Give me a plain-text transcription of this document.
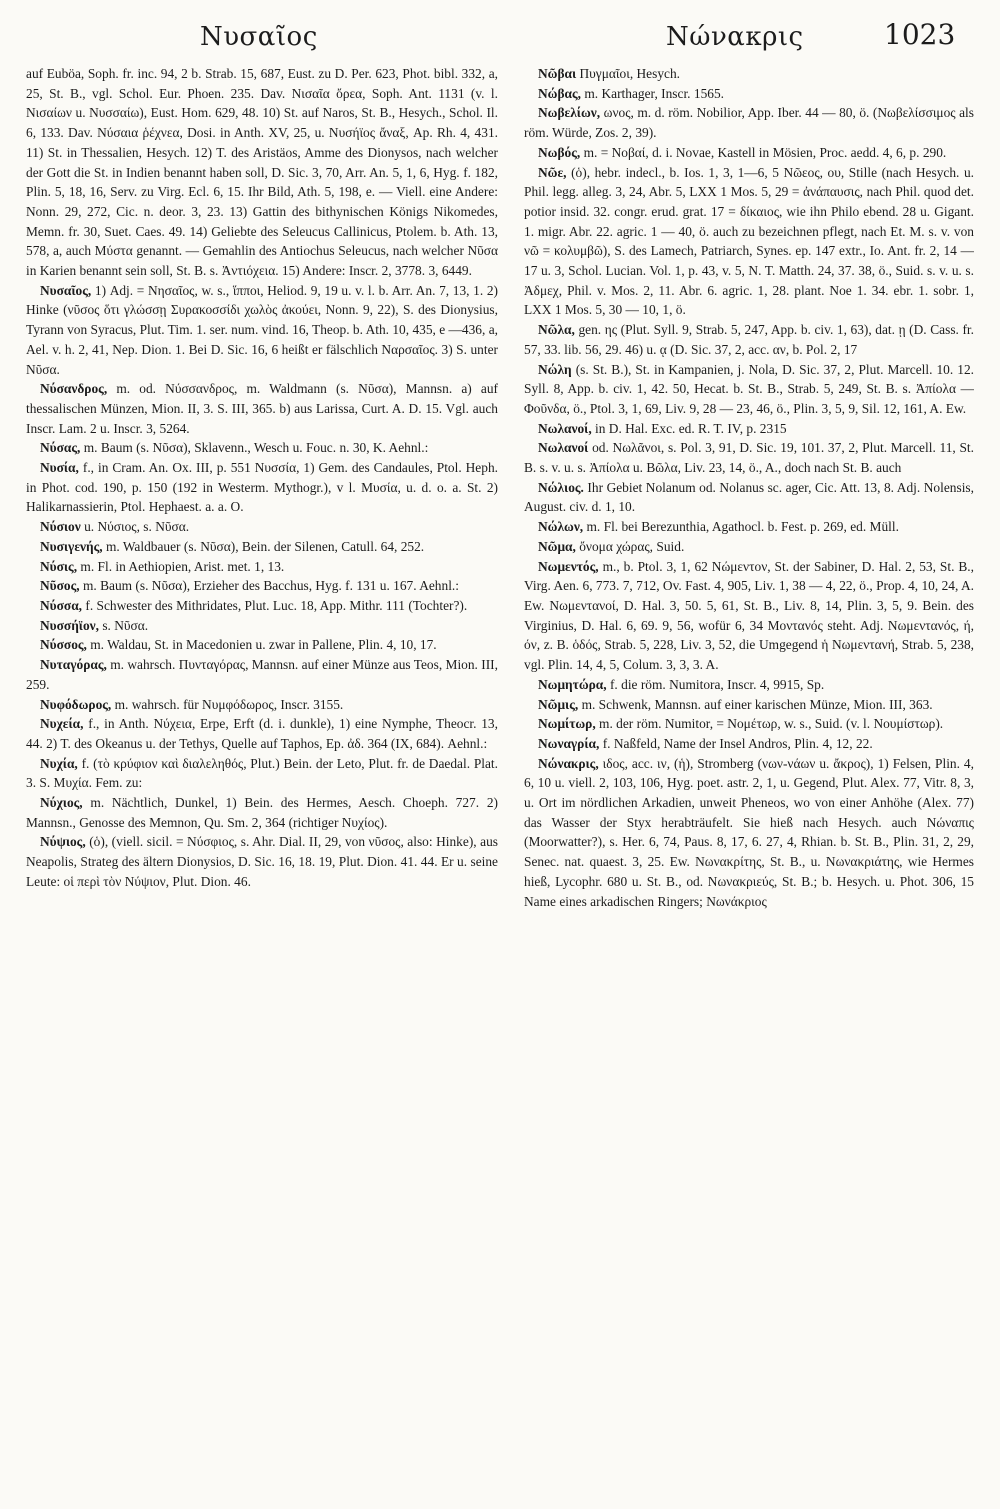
Νυσαῖος	Νώνακρις	1023

auf Euböa, Soph. fr. inc. 94, 2 b. Strab. 15, 687, Eust. zu D. Per. 623, Phot. bibl. 332, a, 25, St. B., vgl. Schol. Eur. Phoen. 235. Dav. Νισαῖα ὄρεα, Soph. Ant. 1131 (v. l. Νισαίων u. Νυσσαίω), Eust. Hom. 629, 48. 10) St. auf Naros, St. B., Hesych., Schol. Il. 6, 133. Dav. Νύσαια ῥέχνεα, Dosi. in Anth. XV, 25, u. Νυσήϊος ἄναξ, Ap. Rh. 4, 431. 11) St. in Thessalien, Hesych. 12) T. des Aristäos, Amme des Dionysos, nach welcher der Gott die St. in Indien benannt haben soll, D. Sic. 3, 70, Arr. An. 5, 1, 6, Hyg. f. 182, Plin. 5, 18, 16, Serv. zu Virg. Ecl. 6, 15. Ihr Bild, Ath. 5, 198, e. — Viell. eine Andere: Nonn. 29, 272, Cic. n. deor. 3, 23. 13) Gattin des bithynischen Königs Nikomedes, Memn. fr. 30, Suet. Caes. 49. 14) Geliebte des Seleucus Callinicus, Ptolem. b. Ath. 13, 578, a, auch Μύστα genannt. — Gemahlin des Antiochus Seleucus, nach welcher Νῦσα in Karien benannt sein soll, St. B. s. Ἀντιόχεια. 15) Andere: Inscr. 2, 3778. 3, 6449.

Νυσαῖος, 1) Adj. = Νησαῖος, w. s., ἵπποι, Heliod. 9, 19 u. v. l. b. Arr. An. 7, 13, 1. 2) Hinke (νῦσος ὅτι γλώσσῃ Συρακοσσίδι χωλὸς ἀκούει, Nonn. 9, 22), S. des Dionysius, Tyrann von Syracus, Plut. Tim. 1. ser. num. vind. 16, Theop. b. Ath. 10, 435, e —436, a, Ael. v. h. 2, 41, Nep. Dion. 1. Bei D. Sic. 16, 6 heißt er fälschlich Ναρσαῖος. 3) S. unter Νῦσα.

Νύσανδρος, m. od. Νύσσανδρος, m. Waldmann (s. Νῦσα), Mannsn. a) auf thessalischen Münzen, Mion. II, 3. S. III, 365. b) aus Larissa, Curt. A. D. 15. Vgl. auch Inscr. Lam. 2 u. Inscr. 3, 5264.

Νύσας, m. Baum (s. Νῦσα), Sklavenn., Wesch u. Fouc. n. 30, K. Aehnl.:

Νυσία, f., in Cram. An. Ox. III, p. 551 Νυσσία, 1) Gem. des Candaules, Ptol. Heph. in Phot. cod. 190, p. 150 (192 in Westerm. Mythogr.), v l. Μυσία, u. d. o. a. St. 2) Halikarnassierin, Ptol. Hephaest. a. a. O.

Νύσιον u. Νύσιος, s. Νῦσα.

Νυσιγενής, m. Waldbauer (s. Νῦσα), Bein. der Silenen, Catull. 64, 252.

Νύσις, m. Fl. in Aethiopien, Arist. met. 1, 13.

Νῦσος, m. Baum (s. Νῦσα), Erzieher des Bacchus, Hyg. f. 131 u. 167. Aehnl.:

Νύσσα, f. Schwester des Mithridates, Plut. Luc. 18, App. Mithr. 111 (Tochter?).

Νυσσήϊον, s. Νῦσα.

Νύσσος, m. Waldau, St. in Macedonien u. zwar in Pallene, Plin. 4, 10, 17.

Νυταγόρας, m. wahrsch. Πυνταγόρας, Mannsn. auf einer Münze aus Teos, Mion. III, 259.

Νυφόδωρος, m. wahrsch. für Νυμφόδωρος, Inscr. 3155.

Νυχεία, f., in Anth. Νύχεια, Erpe, Erft (d. i. dunkle), 1) eine Nymphe, Theocr. 13, 44. 2) T. des Okeanus u. der Tethys, Quelle auf Taphos, Ep. ἀδ. 364 (IX, 684). Aehnl.:

Νυχία, f. (τὸ κρύφιον καὶ διαλεληθός, Plut.) Bein. der Leto, Plut. fr. de Daedal. Plat. 3. S. Μυχία. Fem. zu:

Νύχιος, m. Nächtlich, Dunkel, 1) Bein. des Hermes, Aesch. Choeph. 727. 2) Mannsn., Genosse des Memnon, Qu. Sm. 2, 364 (richtiger Νυχίος).

Νύψιος, (ὁ), (viell. sicil. = Νύσφιος, s. Ahr. Dial. II, 29, von νῦσος, also: Hinke), aus Neapolis, Strateg des ältern Dionysios, D. Sic. 16, 18. 19, Plut. Dion. 41. 44. Er u. seine Leute: οἱ περὶ τὸν Νύψιον, Plut. Dion. 46.

Νῶβαι Πυγμαῖοι, Hesych.

Νώβας, m. Karthager, Inscr. 1565.

Νωβελίων, ωνος, m. d. röm. Nobilior, App. Iber. 44 — 80, ö. (Νωβελίσσιμος als röm. Würde, Zos. 2, 39).

Νωβός, m. = Νοβαί, d. i. Novae, Kastell in Mösien, Proc. aedd. 4, 6, p. 290.

Νῶε, (ὁ), hebr. indecl., b. Ios. 1, 3, 1—6, 5 Νῶεος, ου, Stille (nach Hesych. u. Phil. legg. alleg. 3, 24, Abr. 5, LXX 1 Mos. 5, 29 = ἀνάπαυσις, nach Phil. quod det. potior insid. 32. congr. erud. grat. 17 = δίκαιος, wie ihn Philo ebend. 28 u. Gigant. 1. migr. Abr. 22. agric. 1 — 40, ö. auch zu bezeichnen pflegt, nach Et. M. s. v. von νῶ = κολυμβῶ), S. des Lamech, Patriarch, Synes. ep. 147 extr., Io. Ant. fr. 2, 14 — 17 u. 3, Schol. Lucian. Vol. 1, p. 43, v. 5, N. T. Matth. 24, 37. 38, ö., Suid. s. v. u. s. Ἀδμεχ, Phil. v. Mos. 2, 11. Abr. 6. agric. 1, 28. plant. Noe 1. 34. ebr. 1. sobr. 1, LXX 1 Mos. 5, 30 — 10, 1, ö.

Νῶλα, gen. ης (Plut. Syll. 9, Strab. 5, 247, App. b. civ. 1, 63), dat. ῃ (D. Cass. fr. 57, 33. lib. 56, 29. 46) u. ᾳ (D. Sic. 37, 2, acc. αν, b. Pol. 2, 17

Νώλη (s. St. B.), St. in Kampanien, j. Nola, D. Sic. 37, 2, Plut. Marcell. 10. 12. Syll. 8, App. b. civ. 1, 42. 50, Hecat. b. St. B., Strab. 5, 249, St. B. s. Ἀπίολα — Φοῦνδα, ö., Ptol. 3, 1, 69, Liv. 9, 28 — 23, 46, ö., Plin. 3, 5, 9, Sil. 12, 161, A. Ew.

Νωλανοί, in D. Hal. Exc. ed. R. T. IV, p. 2315

Νωλανοί od. Νωλᾶνοι, s. Pol. 3, 91, D. Sic. 19, 101. 37, 2, Plut. Marcell. 11, St. B. s. v. u. s. Ἀπίολα u. Βῶλα, Liv. 23, 14, ö., A., doch nach St. B. auch

Νώλιος. Ihr Gebiet Nolanum od. Nolanus sc. ager, Cic. Att. 13, 8. Adj. Nolensis, August. civ. d. 1, 10.

Νώλων, m. Fl. bei Berezunthia, Agathocl. b. Fest. p. 269, ed. Müll.

Νῶμα, ὄνομα χώρας, Suid.

Νωμεντός, m., b. Ptol. 3, 1, 62 Νώμεντον, St. der Sabiner, D. Hal. 2, 53, St. B., Virg. Aen. 6, 773. 7, 712, Ov. Fast. 4, 905, Liv. 1, 38 — 4, 22, ö., Prop. 4, 10, 24, A. Ew. Νωμεντανοί, D. Hal. 3, 50. 5, 61, St. B., Liv. 8, 14, Plin. 3, 5, 9. Bein. des Virginius, D. Hal. 6, 69. 9, 56, wofür 6, 34 Μοντανός steht. Adj. Νωμεντανός, ή, όν, z. B. ὁδός, Strab. 5, 228, Liv. 3, 52, die Umgegend ἡ Νωμεντανή, Strab. 5, 238, vgl. Plin. 14, 4, 5, Colum. 3, 3, 3. A.

Νωμητώρα, f. die röm. Numitora, Inscr. 4, 9915, Sp.

Νῶμις, m. Schwenk, Mannsn. auf einer karischen Münze, Mion. III, 363.

Νωμίτωρ, m. der röm. Numitor, = Νομέτωρ, w. s., Suid. (v. l. Νουμίστωρ).

Νωναγρία, f. Naßfeld, Name der Insel Andros, Plin. 4, 12, 22.

Νώνακρις, ιδος, acc. ιν, (ἡ), Stromberg (νων-νάων u. ἄκρος), 1) Felsen, Plin. 4, 6, 10 u. viell. 2, 103, 106, Hyg. poet. astr. 2, 1, u. Gegend, Plut. Alex. 77, Vitr. 8, 3, u. Ort im nördlichen Arkadien, unweit Pheneos, wo von einer Anhöhe (Alex. 77) das Wasser der Styx herabträufelt. Sie hieß nach Hesych. auch Νώναπις (Moorwatter?), s. Her. 6, 74, Paus. 8, 17, 6. 27, 4, Rhian. b. St. B., Plin. 31, 2, 29, Senec. nat. quaest. 3, 25. Ew. Νωνακρίτης, St. B., u. Νωνακριάτης, wie Hermes hieß, Lycophr. 680 u. St. B., od. Νωνακριεύς, St. B.; b. Hesych. u. Phot. 306, 15 Name eines arkadischen Ringers; Νωνάκριος
